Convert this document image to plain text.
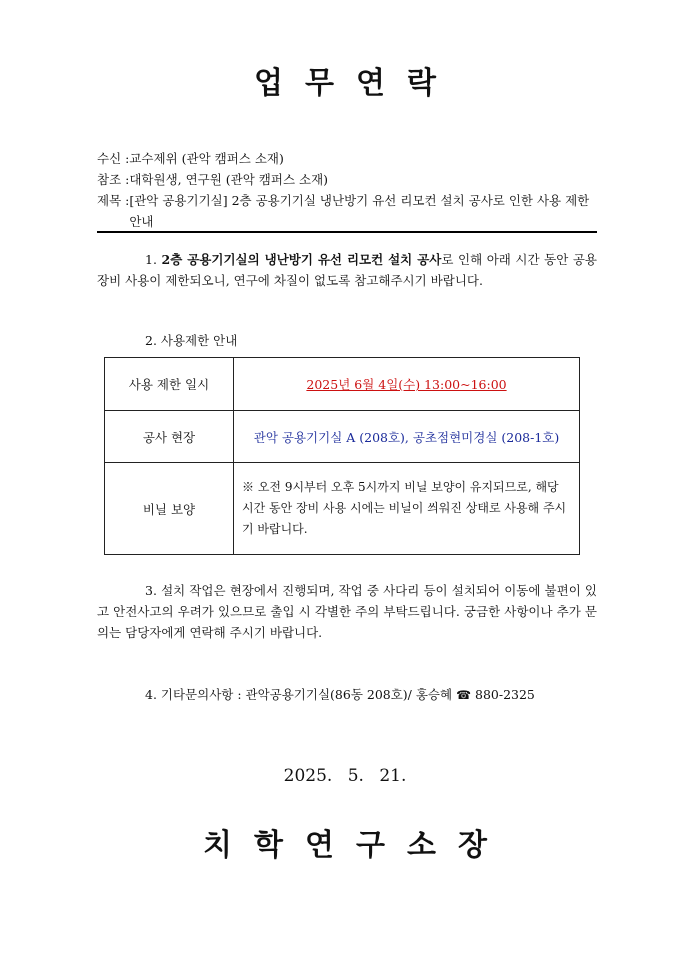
업무연락
수신 : 교수제위 (관악 캠퍼스 소재)
참조 : 대학원생, 연구원 (관악 캠퍼스 소재)
제목 : [관악 공용기기실] 2층 공용기기실 냉난방기 유선 리모컨 설치 공사로 인한 사용 제한 안내
1. 2층 공용기기실의 냉난방기 유선 리모컨 설치 공사로 인해 아래 시간 동안 공용장비 사용이 제한되오니, 연구에 차질이 없도록 참고해주시기 바랍니다.
2. 사용제한 안내
사용 제한 일시	2025년 6월 4일(수) 13:00~16:00
공사 현장	관악 공용기기실 A (208호), 공초점현미경실 (208-1호)
비닐 보양	※ 오전 9시부터 오후 5시까지 비닐 보양이 유지되므로, 해당 시간 동안 장비 사용 시에는 비닐이 씌워진 상태로 사용해 주시기 바랍니다.
3. 설치 작업은 현장에서 진행되며, 작업 중 사다리 등이 설치되어 이동에 불편이 있고 안전사고의 우려가 있으므로 출입 시 각별한 주의 부탁드립니다. 궁금한 사항이나 추가 문의는 담당자에게 연락해 주시기 바랍니다.
4. 기타문의사항 : 관악공용기기실(86동 208호)/ 홍승혜 ☎ 880-2325
2025. 5. 21.
치학연구소장
